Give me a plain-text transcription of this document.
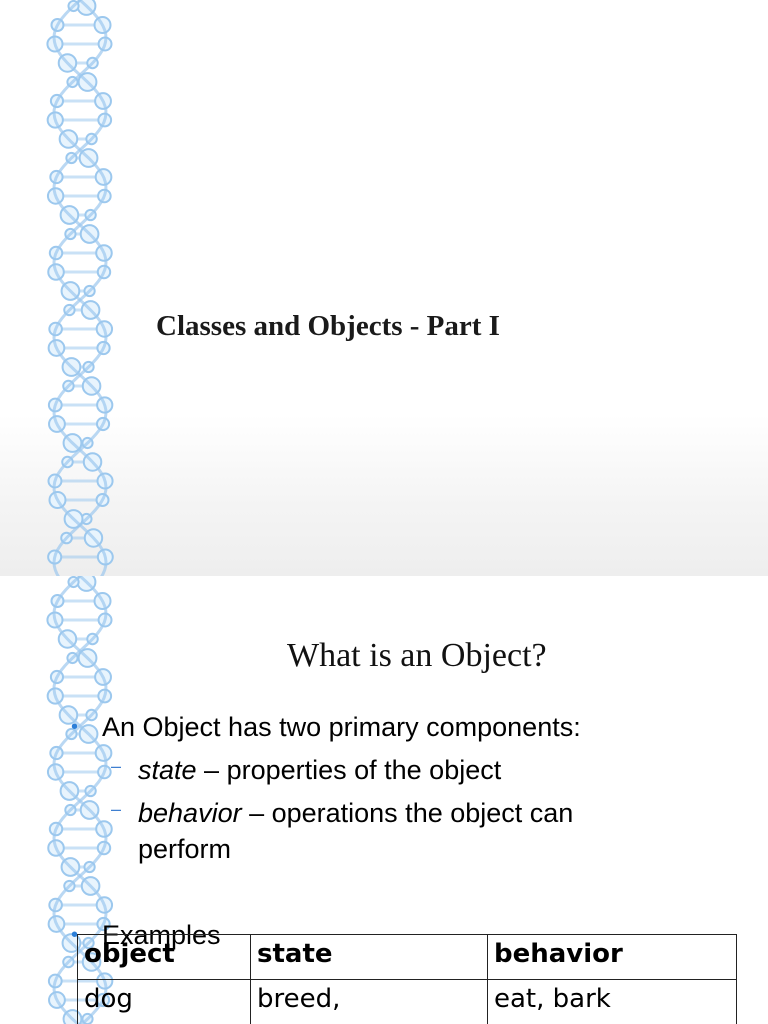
Classes and Objects - Part I
What is an Object?
• An Object has two primary components:
– state – properties of the object
– behavior – operations the object can perform
• Examples
object	state	behavior
dog	breed,	eat, bark
